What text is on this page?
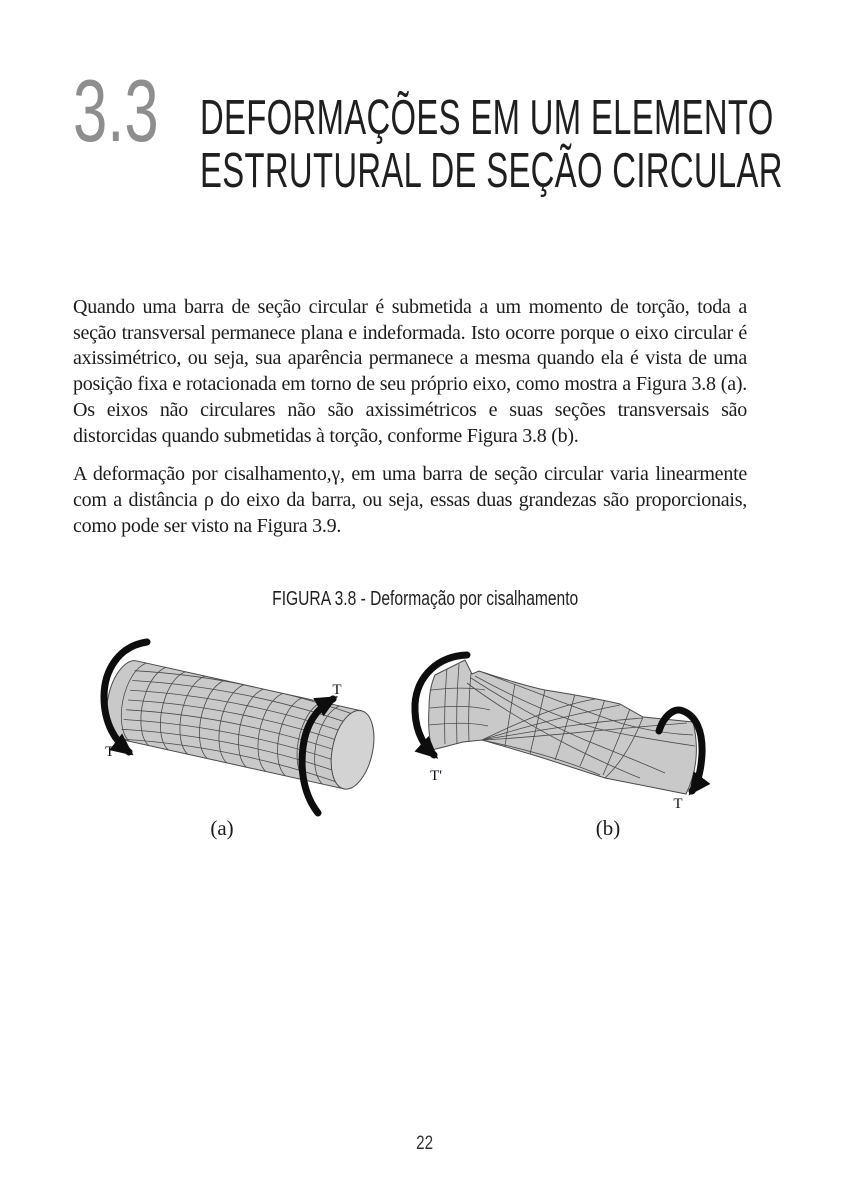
3.3 DEFORMAÇÕES EM UM ELEMENTO
ESTRUTURAL DE SEÇÃO CIRCULAR

Quando uma barra de seção circular é submetida a um momento de torção, toda a seção transversal permanece plana e indeformada. Isto ocorre porque o eixo circular é axissimétrico, ou seja, sua aparência permanece a mesma quando ela é vista de uma posição fixa e rotacionada em torno de seu próprio eixo, como mostra a Figura 3.8 (a). Os eixos não circulares não são axissimétricos e suas seções transversais são distorcidas quando submetidas à torção, conforme Figura 3.8 (b).

A deformação por cisalhamento,γ, em uma barra de seção circular varia linearmente com a distância ρ do eixo da barra, ou seja, essas duas grandezas são proporcionais, como pode ser visto na Figura 3.9.

FIGURA 3.8 - Deformação por cisalhamento
T'
T
(a)
T'
T
(b)
22
